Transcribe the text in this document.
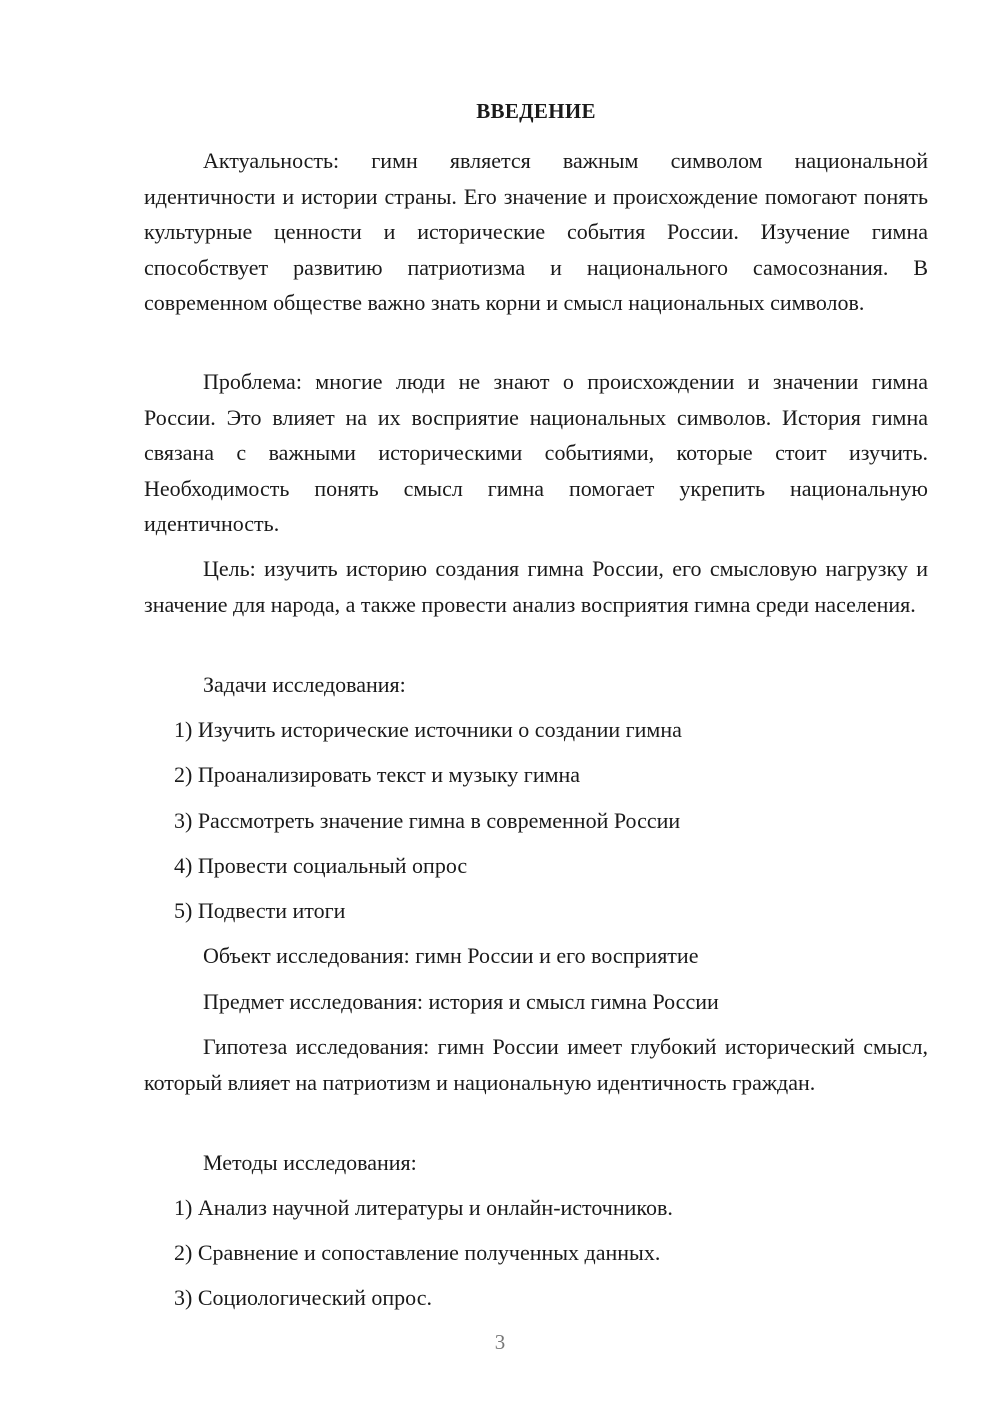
ВВЕДЕНИЕ

Актуальность: гимн является важным символом национальной идентичности и истории страны. Его значение и происхождение помогают понять культурные ценности и исторические события России. Изучение гимна способствует развитию патриотизма и национального самосознания. В современном обществе важно знать корни и смысл национальных символов.

Проблема: многие люди не знают о происхождении и значении гимна России. Это влияет на их восприятие национальных символов. История гимна связана с важными историческими событиями, которые стоит изучить. Необходимость понять смысл гимна помогает укрепить национальную идентичность.

Цель: изучить историю создания гимна России, его смысловую нагрузку и значение для народа, а также провести анализ восприятия гимна среди населения.

Задачи исследования:

1) Изучить исторические источники о создании гимна

2) Проанализировать текст и музыку гимна

3) Рассмотреть значение гимна в современной России

4) Провести социальный опрос

5) Подвести итоги

Объект исследования: гимн России и его восприятие

Предмет исследования: история и смысл гимна России

Гипотеза исследования: гимн России имеет глубокий исторический смысл, который влияет на патриотизм и национальную идентичность граждан.

Методы исследования:

1) Анализ научной литературы и онлайн-источников.

2) Сравнение и сопоставление полученных данных.

3) Социологический опрос.

3
